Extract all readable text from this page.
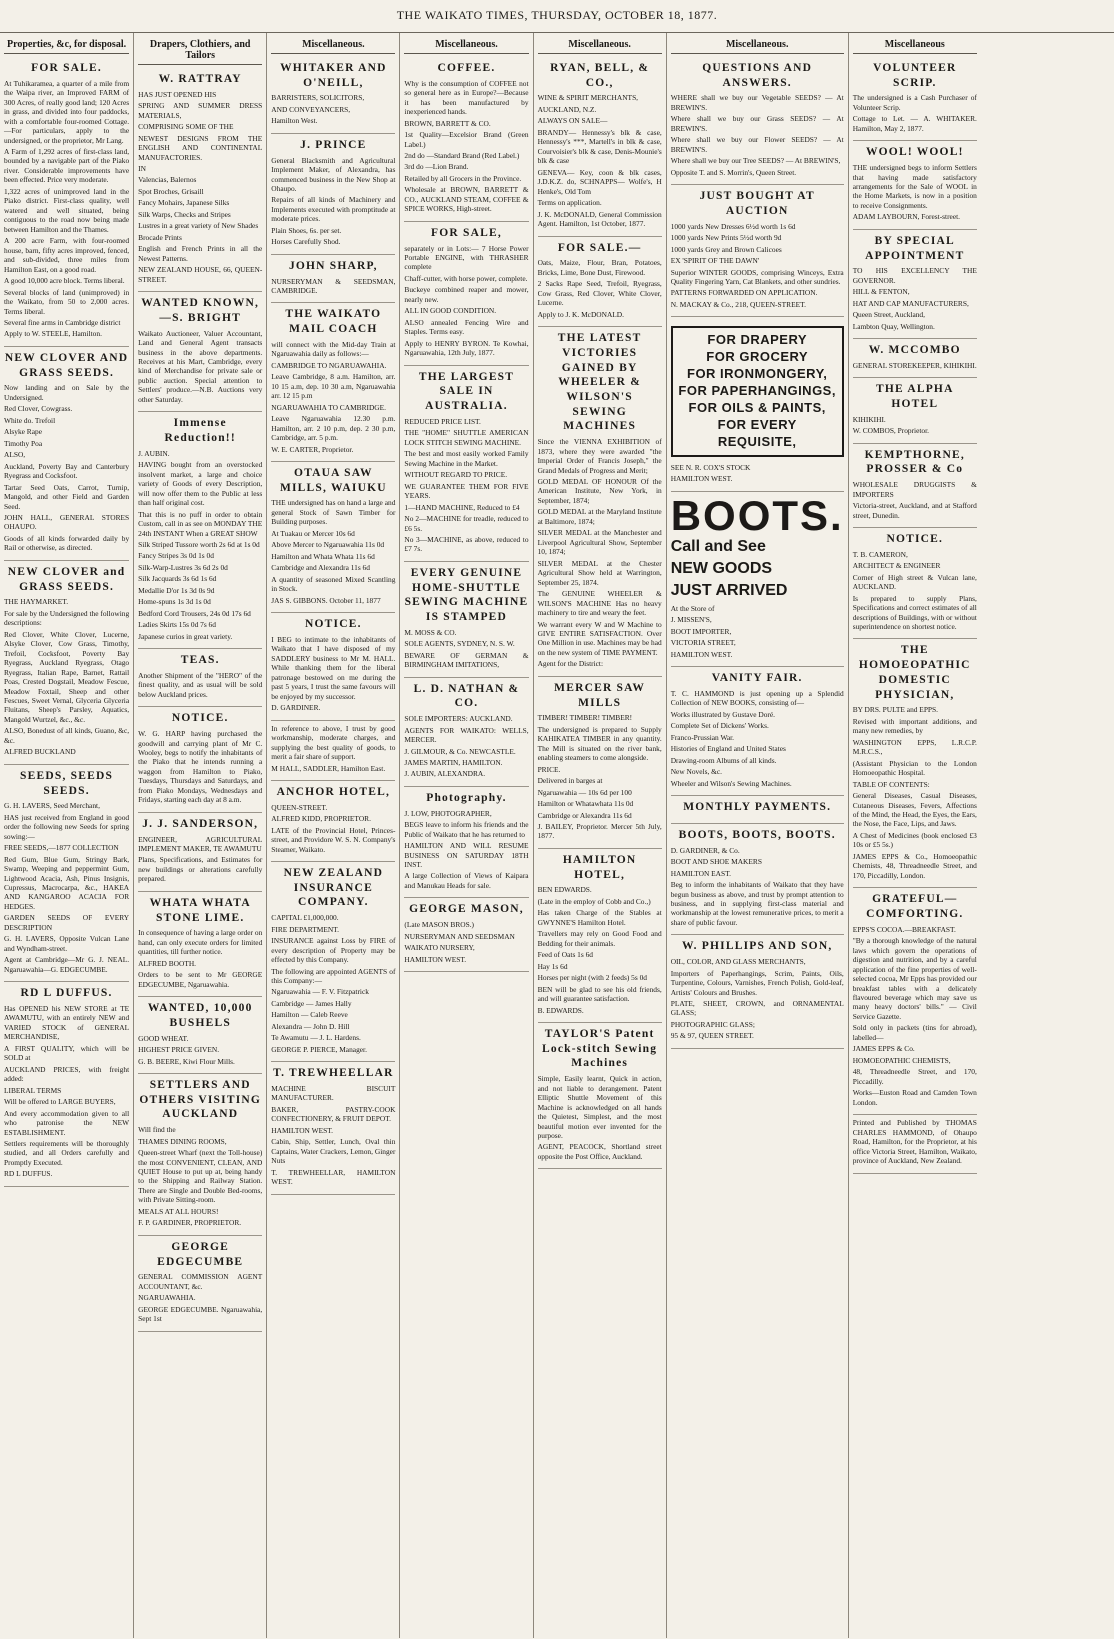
THE WAIKATO TIMES, THURSDAY, OCTOBER 18, 1877.
Properties, &c, for disposal.
FOR SALE.

At Tuhikaramea, a quarter of a mile from the Waipa river, an Improved FARM of 300 Acres, of really good land; 120 Acres in grass, and divided into four paddocks, with a comfortable four-roomed Cottage.—For particulars, apply to the undersigned, or the proprietor, Mr Lang.

A Farm of 1,292 acres of first-class land, bounded by a navigable part of the Piako river. Considerable improvements have been effected. Price very moderate.

1,322 acres of unimproved land in the Piako district. First-class quality, well watered and well situated, being contiguous to the road now being made between Hamilton and the Thames.

A 200 acre Farm, with four-roomed house, barn, fifty acres improved, fenced, and sub-divided, three miles from Hamilton East, on a good road.

A good 10,000 acre block. Terms liberal.

Several blocks of land (unimproved) in the Waikato, from 50 to 2,000 acres. Terms liberal.

Several fine arms in Cambridge district

Apply to W. STEELE, Hamilton.

NEW CLOVER AND GRASS SEEDS.

Now landing and on Sale by the Undersigned.

Red Clover, Cowgrass.

White do. Trefoil

Alsyke Rape

Timothy Poa

ALSO,

Auckland, Poverty Bay and Canterbury Ryegrass and Cocksfoot.

Tartar Seed Oats, Carrot, Turnip, Mangold, and other Field and Garden Seed.

JOHN HALL, GENERAL STORES OHAUPO.

Goods of all kinds forwarded daily by Rail or otherwise, as directed.

NEW CLOVER and GRASS SEEDS.

THE HAYMARKET.

For sale by the Undersigned the following descriptions:

Red Clover, White Clover, Lucerne, Alsyke Clover, Cow Grass, Timothy, Trefoil, Cocksfoot, Poverty Bay Ryegrass, Auckland Ryegrass, Otago Ryegrass, Italian Rape, Barnet, Rattail Poas, Crested Dogstail, Meadow Fescue, Meadow Foxtail, Sheep and other Fescues, Sweet Vernal, Glyceria Glyceria Fluitans, Sheep's Parsley, Aquatics, Mangold Wurtzel, &c., &c.

ALSO, Bonedust of all kinds, Guano, &c, &c.

ALFRED BUCKLAND

SEEDS, SEEDS SEEDS.

G. H. LAVERS, Seed Merchant,

HAS just received from England in good order the following new Seeds for spring sowing:—

FREE SEEDS,—1877 COLLECTION

Red Gum, Blue Gum, Stringy Bark, Swamp, Weeping and peppermint Gum, Lightwood Acacia, Ash, Pinus Insignis, Cupressus, Macrocarpa, &c., HAKEA AND KANGAROO ACACIA FOR HEDGES.

GARDEN SEEDS OF EVERY DESCRIPTION

G. H. LAVERS, Opposite Vulcan Lane and Wyndham-street.

Agent at Cambridge—Mr G. J. NEAL. Ngaruawahia—G. EDGECUMBE.

RD L DUFFUS.

Has OPENED his NEW STORE at TE AWAMUTU, with an entirely NEW and VARIED STOCK of GENERAL MERCHANDISE,

A FIRST QUALITY, which will be SOLD at

AUCKLAND PRICES, with freight added:

LIBERAL TERMS

Will be offered to LARGE BUYERS,

And every accommodation given to all who patronise the NEW ESTABLISHMENT.

Settlers requirements will be thoroughly studied, and all Orders carefully and Promptly Executed.

RD L DUFFUS.

Drapers, Clothiers, and Tailors
W. RATTRAY

HAS JUST OPENED HIS

SPRING AND SUMMER DRESS MATERIALS,

COMPRISING SOME OF THE

NEWEST DESIGNS FROM THE ENGLISH AND CONTINENTAL MANUFACTORIES.

IN

Valencias, Balernos

Spot Broches, Grisaill

Fancy Mohairs, Japanese Silks

Silk Warps, Checks and Stripes

Lustres in a great variety of New Shades

Brocade Prints

English and French Prints in all the Newest Patterns.

NEW ZEALAND HOUSE, 66, QUEEN-STREET.

WANTED KNOWN,—S. BRIGHT

Waikato Auctioneer, Valuer Accountant, Land and General Agent transacts business in the above departments. Receives at his Mart, Cambridge, every kind of Merchandise for private sale or public auction. Special attention to Settlers' produce.—N.B. Auctions very other Saturday.

Immense Reduction!!

J. AUBIN.

HAVING bought from an overstocked insolvent market, a large and choice variety of Goods of every Description, will now offer them to the Public at less than half original cost.

That this is no puff in order to obtain Custom, call in as see on MONDAY THE 24th INSTANT When a GREAT SHOW

Silk Striped Tussore worth 2s 6d at 1s 0d

Fancy Stripes 3s 0d 1s 0d

Silk-Warp-Lustres 3s 6d 2s 0d

Silk Jacquards 3s 6d 1s 6d

Medallie D'or 1s 3d 0s 9d

Home-spuns 1s 3d 1s 0d

Bedford Cord Trousers, 24s 0d 17s 6d

Ladies Skirts 15s 0d 7s 6d

Japanese curios in great variety.

TEAS.

Another Shipment of the "HERO" of the finest quality, and as usual will be sold below Auckland prices.

NOTICE.

W. G. HARP having purchased the goodwill and carrying plant of Mr C. Wooley, begs to notify the inhabitants of the Piako that he intends running a waggon from Hamilton to Piako, Tuesdays, Thursdays and Saturdays, and from Piako Mondays, Wednesdays and Fridays, starting each day at 8 a.m.

J. J. SANDERSON,

ENGINEER, AGRICULTURAL IMPLEMENT MAKER, TE AWAMUTU

Plans, Specifications, and Estimates for new buildings or alterations carefully prepared.

WHATA WHATA STONE LIME.

In consequence of having a large order on hand, can only execute orders for limited quantities, till further notice.

ALFRED BOOTH.

Orders to be sent to Mr GEORGE EDGECUMBE, Ngaruawahia.

WANTED, 10,000 BUSHELS

GOOD WHEAT.

HIGHEST PRICE GIVEN.

G. B. BEERE, Kiwi Flour Mills.

SETTLERS AND OTHERS VISITING AUCKLAND

Will find the

THAMES DINING ROOMS,

Queen-street Wharf (next the Toll-house) the most CONVENIENT, CLEAN, AND QUIET House to put up at, being handy to the Shipping and Railway Station. There are Single and Double Bed-rooms, with Private Sitting-room.

MEALS AT ALL HOURS!

F. P. GARDINER, PROPRIETOR.

GEORGE EDGECUMBE

GENERAL COMMISSION AGENT ACCOUNTANT, &c.

NGARUAWAHIA.

GEORGE EDGECUMBE. Ngaruawahia, Sept 1st

Miscellaneous.
WHITAKER AND O'NEILL,

BARRISTERS, SOLICITORS,

AND CONVEYANCERS,

Hamilton West.

J. PRINCE

General Blacksmith and Agricultural Implement Maker, of Alexandra, has commenced business in the New Shop at Ohaupo.

Repairs of all kinds of Machinery and Implements executed with promptitude at moderate prices.

Plain Shoes, 6s. per set.

Horses Carefully Shod.

JOHN SHARP,

NURSERYMAN & SEEDSMAN, CAMBRIDGE.

THE WAIKATO MAIL COACH

will connect with the Mid-day Train at Ngaruawahia daily as follows:—

CAMBRIDGE TO NGARUAWAHIA.

Leave Cambridge, 8 a.m. Hamilton, arr. 10 15 a.m, dep. 10 30 a.m, Ngaruawahia arr. 12 15 p.m

NGARUAWAHIA TO CAMBRIDGE.

Leave Ngaruawahia 12.30 p.m. Hamilton, arr. 2 10 p.m, dep. 2 30 p.m, Cambridge, arr. 5 p.m.

W. E. CARTER, Proprietor.

OTAUA SAW MILLS, WAIUKU

THE undersigned has on hand a large and general Stock of Sawn Timber for Building purposes.

At Tuakau or Mercer 10s 6d

Above Mercer to Ngaruawahia 11s 0d

Hamilton and Whata Whata 11s 6d

Cambridge and Alexandra 11s 6d

A quantity of seasoned Mixed Scantling in Stock.

JAS S. GIBBONS. October 11, 1877

NOTICE.

I BEG to intimate to the inhabitants of Waikato that I have disposed of my SADDLERY business to Mr M. HALL. While thanking them for the liberal patronage bestowed on me during the past 5 years, I trust the same favours will be enjoyed by my successor.

D. GARDINER.

In reference to above, I trust by good workmanship, moderate charges, and supplying the best quality of goods, to merit a fair share of support.

M HALL, SADDLER, Hamilton East.

ANCHOR HOTEL,

QUEEN-STREET.

ALFRED KIDD, PROPRIETOR.

LATE of the Provincial Hotel, Princes-street, and Providore W. S. N. Company's Steamer, Waikato.

NEW ZEALAND INSURANCE COMPANY.

CAPITAL £1,000,000.

FIRE DEPARTMENT.

INSURANCE against Loss by FIRE of every description of Property may be effected by this Company.

The following are appointed AGENTS of this Company:—

Ngaruawahia — F. V. Fitzpatrick

Cambridge — James Hally

Hamilton — Caleb Reeve

Alexandra — John D. Hill

Te Awamutu — J. L. Hardens.

GEORGE P. PIERCE, Manager.

T. TREWHEELLAR

MACHINE BISCUIT MANUFACTURER.

BAKER, PASTRY-COOK CONFECTIONERY, & FRUIT DEPOT.

HAMILTON WEST.

Cabin, Ship, Settler, Lunch, Oval thin Captains, Water Crackers, Lemon, Ginger Nuts

T. TREWHEELLAR, HAMILTON WEST.

Miscellaneous.
COFFEE.

Why is the consumption of COFFEE not so general here as in Europe?—Because it has been manufactured by inexperienced hands.

BROWN, BARRETT & CO.

1st Quality—Excelsior Brand (Green Label.)

2nd do —Standard Brand (Red Label.)

3rd do —Lion Brand.

Retailed by all Grocers in the Province.

Wholesale at BROWN, BARRETT & CO., AUCKLAND STEAM, COFFEE & SPICE WORKS, High-street.

FOR SALE,

separately or in Lots:— 7 Horse Power Portable ENGINE, with THRASHER complete

Chaff-cutter, with horse power, complete.

Buckeye combined reaper and mower, nearly new.

ALL IN GOOD CONDITION.

ALSO annealed Fencing Wire and Staples. Terms easy.

Apply to HENRY BYRON. Te Kowhai, Ngaruawahia, 12th July, 1877.

THE LARGEST SALE IN AUSTRALIA.

REDUCED PRICE LIST.

THE "HOME" SHUTTLE AMERICAN LOCK STITCH SEWING MACHINE.

The best and most easily worked Family Sewing Machine in the Market.

WITHOUT REGARD TO PRICE.

WE GUARANTEE THEM FOR FIVE YEARS.

1—HAND MACHINE, Reduced to £4

No 2—MACHINE for treadle, reduced to £6 5s.

No 3—MACHINE, as above, reduced to £7 7s.

EVERY GENUINE HOME-SHUTTLE SEWING MACHINE IS STAMPED

M. MOSS & CO.

SOLE AGENTS, SYDNEY, N. S. W.

BEWARE OF GERMAN & BIRMINGHAM IMITATIONS,

L. D. NATHAN & CO.

SOLE IMPORTERS: AUCKLAND.

AGENTS FOR WAIKATO: WELLS, MERCER.

J. GILMOUR, & Co. NEWCASTLE.

JAMES MARTIN, HAMILTON.

J. AUBIN, ALEXANDRA.

Photography.

J. LOW, PHOTOGRAPHER,

BEGS leave to inform his friends and the Public of Waikato that he has returned to

HAMILTON AND WILL RESUME BUSINESS ON SATURDAY 18TH INST.

A large Collection of Views of Kaipara and Manukau Heads for sale.

GEORGE MASON,

(Late MASON BROS.)

NURSERYMAN AND SEEDSMAN

WAIKATO NURSERY,

HAMILTON WEST.

Miscellaneous.
RYAN, BELL, & CO.,

WINE & SPIRIT MERCHANTS,

AUCKLAND, N.Z.

ALWAYS ON SALE—

BRANDY— Hennessy's blk & case, Hennessy's ***, Martell's in blk & case, Courvoisier's blk & case, Denis-Mounie's blk & case

GENEVA— Key, coon & blk cases, J.D.K.Z. do, SCHNAPPS— Wolfe's, H Henke's, Old Tom

Terms on application.

J. K. McDONALD, General Commission Agent. Hamilton, 1st October, 1877.

FOR SALE.—

Oats, Maize, Flour, Bran, Potatoes, Bricks, Lime, Bone Dust, Firewood.

2 Sacks Rape Seed, Trefoil, Ryegrass, Cow Grass, Red Clover, White Clover, Lucerne.

Apply to J. K. McDONALD.

THE LATEST VICTORIES GAINED BY WHEELER & WILSON'S SEWING MACHINES

Since the VIENNA EXHIBITION of 1873, where they were awarded "the Imperial Order of Francis Joseph," the Grand Medals of Progress and Merit;

GOLD MEDAL OF HONOUR Of the American Institute, New York, in September, 1874;

GOLD MEDAL at the Maryland Institute at Baltimore, 1874;

SILVER MEDAL at the Manchester and Liverpool Agricultural Show, September 10, 1874;

SILVER MEDAL at the Chester Agricultural Show held at Warrington, September 25, 1874.

The GENUINE WHEELER & WILSON'S MACHINE Has no heavy machinery to tire and weary the feet.

We warrant every W and W Machine to GIVE ENTIRE SATISFACTION. Over One Million in use. Machines may be had on the new system of TIME PAYMENT.

Agent for the District:

MERCER SAW MILLS

TIMBER! TIMBER! TIMBER!

The undersigned is prepared to Supply KAHIKATEA TIMBER in any quantity. The Mill is situated on the river bank, enabling steamers to come alongside.

PRICE.

Delivered in barges at

Ngaruawahia — 10s 6d per 100

Hamilton or Whatawhata 11s 0d

Cambridge or Alexandra 11s 6d

J. BAILEY, Proprietor. Mercer 5th July, 1877.

HAMILTON HOTEL,

BEN EDWARDS.

(Late in the employ of Cobb and Co.,)

Has taken Charge of the Stables at GWYNNE'S Hamilton Hotel.

Travellers may rely on Good Food and Bedding for their animals.

Feed of Oats 1s 6d

Hay 1s 6d

Horses per night (with 2 feeds) 5s 0d

BEN will be glad to see his old friends, and will guarantee satisfaction.

B. EDWARDS.

TAYLOR'S Patent Lock-stitch Sewing Machines

Simple, Easily learnt, Quick in action, and not liable to derangement. Patent Elliptic Shuttle Movement of this Machine is acknowledged on all hands the Quietest, Simplest, and the most beautiful motion ever invented for the purpose.

AGENT, PEACOCK, Shortland street opposite the Post Office, Auckland.

Miscellaneous.
QUESTIONS AND ANSWERS.

WHERE shall we buy our Vegetable SEEDS? — At BREWIN'S.

Where shall we buy our Grass SEEDS? — At BREWIN'S.

Where shall we buy our Flower SEEDS? — At BREWIN'S.

Where shall we buy our Tree SEEDS? — At BREWIN'S,

Opposite T. and S. Morrin's, Queen Street.

JUST BOUGHT AT AUCTION

1000 yards New Dresses 6½d worth 1s 6d

1000 yards New Prints 5½d worth 9d

1000 yards Grey and Brown Calicoes

EX 'SPIRIT OF THE DAWN'

Superior WINTER GOODS, comprising Winceys, Extra Quality Fingering Yarn, Cat Blankets, and other sundries.

PATTERNS FORWARDED ON APPLICATION.

N. MACKAY & Co., 218, QUEEN-STREET.

FOR DRAPERY
FOR GROCERY
FOR IRONMONGERY,
FOR PAPERHANGINGS,
FOR OILS & PAINTS,
FOR EVERY REQUISITE,

SEE N. R. COX'S STOCK

HAMILTON WEST.

BOOTS.

Call and See

NEW GOODS

JUST ARRIVED

At the Store of

J. MISSEN'S,

BOOT IMPORTER,

VICTORIA STREET,

HAMILTON WEST.

VANITY FAIR.

T. C. HAMMOND is just opening up a Splendid Collection of NEW BOOKS, consisting of—

Works illustrated by Gustave Doré.

Complete Set of Dickens' Works.

Franco-Prussian War.

Histories of England and United States

Drawing-room Albums of all kinds.

New Novels, &c.

Wheeler and Wilson's Sewing Machines.

MONTHLY PAYMENTS.
BOOTS, BOOTS, BOOTS.

D. GARDINER, & Co.

BOOT AND SHOE MAKERS

HAMILTON EAST.

Beg to inform the inhabitants of Waikato that they have begun business as above, and trust by prompt attention to business, and in supplying first-class material and workmanship at the lowest remunerative prices, to merit a share of public favour.

W. PHILLIPS AND SON,

OIL, COLOR, AND GLASS MERCHANTS,

Importers of Paperhangings, Scrim, Paints, Oils, Turpentine, Colours, Varnishes, French Polish, Gold-leaf, Artists' Colours and Brushes.

PLATE, SHEET, CROWN, and ORNAMENTAL GLASS;

PHOTOGRAPHIC GLASS;

95 & 97, QUEEN STREET.

Miscellaneous
VOLUNTEER SCRIP.

The undersigned is a Cash Purchaser of Volunteer Scrip.

Cottage to Let. — A. WHITAKER. Hamilton, May 2, 1877.

WOOL! WOOL!

THE undersigned begs to inform Settlers that having made satisfactory arrangements for the Sale of WOOL in the Home Markets, is now in a position to receive Consignments.

ADAM LAYBOURN, Forest-street.

BY SPECIAL APPOINTMENT

TO HIS EXCELLENCY THE GOVERNOR.

HILL & FENTON,

HAT AND CAP MANUFACTURERS,

Queen Street, Auckland,

Lambton Quay, Wellington.

W. MCCOMBO

GENERAL STOREKEEPER, KIHIKIHI.

THE ALPHA HOTEL

KIHIKIHI.

W. COMBOS, Proprietor.

KEMPTHORNE, PROSSER & Co

WHOLESALE DRUGGISTS & IMPORTERS

Victoria-street, Auckland, and at Stafford street, Dunedin.

NOTICE.

T. B. CAMERON,

ARCHITECT & ENGINEER

Corner of High street & Vulcan lane, AUCKLAND.

Is prepared to supply Plans, Specifications and correct estimates of all descriptions of Buildings, with or without superintendence on shortest notice.

THE HOMOEOPATHIC DOMESTIC PHYSICIAN,

BY DRS. PULTE and EPPS.

Revised with important additions, and many new remedies, by

WASHINGTON EPPS, L.R.C.P. M.R.C.S.,

(Assistant Physician to the London Homoeopathic Hospital.

TABLE OF CONTENTS:

General Diseases, Casual Diseases, Cutaneous Diseases, Fevers, Affections of the Mind, the Head, the Eyes, the Ears, the Nose, the Face, Lips, and Jaws.

A Chest of Medicines (book enclosed £3 10s or £5 5s.)

JAMES EPPS & Co., Homoeopathic Chemists, 48, Threadneedle Street, and 170, Piccadilly, London.

GRATEFUL—COMFORTING.

EPPS'S COCOA.—BREAKFAST.

"By a thorough knowledge of the natural laws which govern the operations of digestion and nutrition, and by a careful application of the fine properties of well-selected cocoa, Mr Epps has provided our breakfast tables with a delicately flavoured beverage which may save us many heavy doctors' bills." — Civil Service Gazette.

Sold only in packets (tins for abroad), labelled—

JAMES EPPS & Co.

HOMOEOPATHIC CHEMISTS,

48, Threadneedle Street, and 170, Piccadilly.

Works—Euston Road and Camden Town London.

Printed and Published by THOMAS CHARLES HAMMOND, of Ohaupo Road, Hamilton, for the Proprietor, at his office Victoria Street, Hamilton, Waikato, province of Auckland, New Zealand.
